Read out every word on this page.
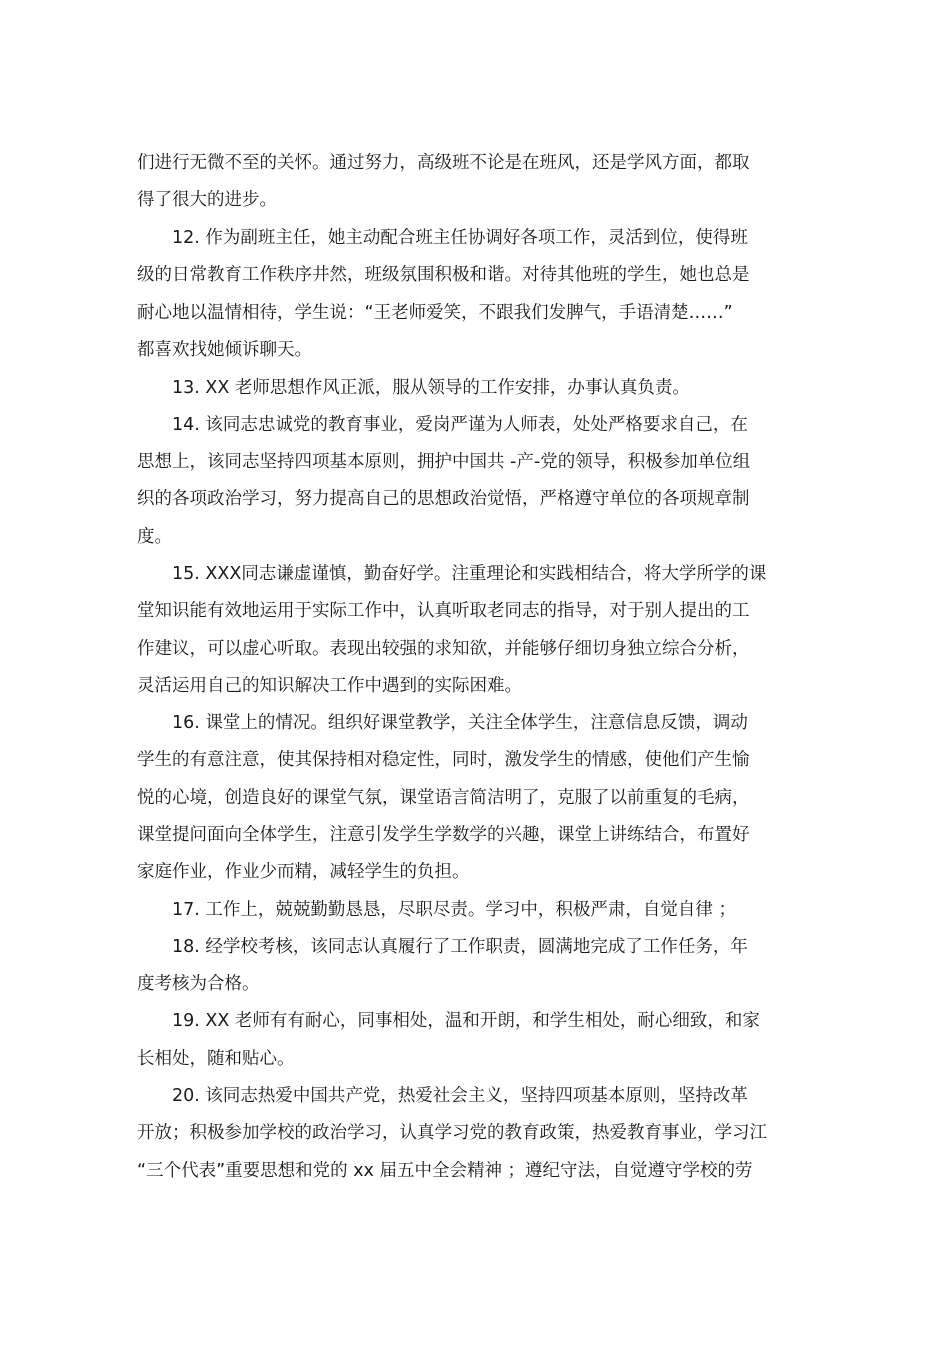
们进行无微不至的关怀。通过努力，高级班不论是在班风，还是学风方面，都取
得了很大的进步。
12. 作为副班主任，她主动配合班主任协调好各项工作，灵活到位，使得班
级的日常教育工作秩序井然，班级氛围积极和谐。对待其他班的学生，她也总是
耐心地以温情相待，学生说：“王老师爱笑，不跟我们发脾气，手语清楚……”
都喜欢找她倾诉聊天。
13. XX 老师思想作风正派，服从领导的工作安排，办事认真负责。
14. 该同志忠诚党的教育事业，爱岗严谨为人师表，处处严格要求自己，在
思想上，该同志坚持四项基本原则，拥护中国共 -产-党的领导，积极参加单位组
织的各项政治学习，努力提高自己的思想政治觉悟，严格遵守单位的各项规章制
度。
15. XXX同志谦虚谨慎，勤奋好学。注重理论和实践相结合，将大学所学的课
堂知识能有效地运用于实际工作中，认真听取老同志的指导，对于别人提出的工
作建议，可以虚心听取。表现出较强的求知欲，并能够仔细切身独立综合分析，
灵活运用自己的知识解决工作中遇到的实际困难。
16. 课堂上的情况。组织好课堂教学，关注全体学生，注意信息反馈，调动
学生的有意注意，使其保持相对稳定性，同时，激发学生的情感，使他们产生愉
悦的心境，创造良好的课堂气氛，课堂语言简洁明了，克服了以前重复的毛病，
课堂提问面向全体学生，注意引发学生学数学的兴趣，课堂上讲练结合，布置好
家庭作业，作业少而精，减轻学生的负担。
17. 工作上，兢兢勤勤恳恳，尽职尽责。学习中，积极严肃，自觉自律 ；
18. 经学校考核，该同志认真履行了工作职责，圆满地完成了工作任务，年
度考核为合格。
19. XX 老师有有耐心，同事相处，温和开朗，和学生相处，耐心细致，和家
长相处，随和贴心。
20. 该同志热爱中国共产党，热爱社会主义，坚持四项基本原则，坚持改革
开放；积极参加学校的政治学习，认真学习党的教育政策，热爱教育事业，学习江
“三个代表”重要思想和党的 xx 届五中全会精神 ；遵纪守法，自觉遵守学校的劳
